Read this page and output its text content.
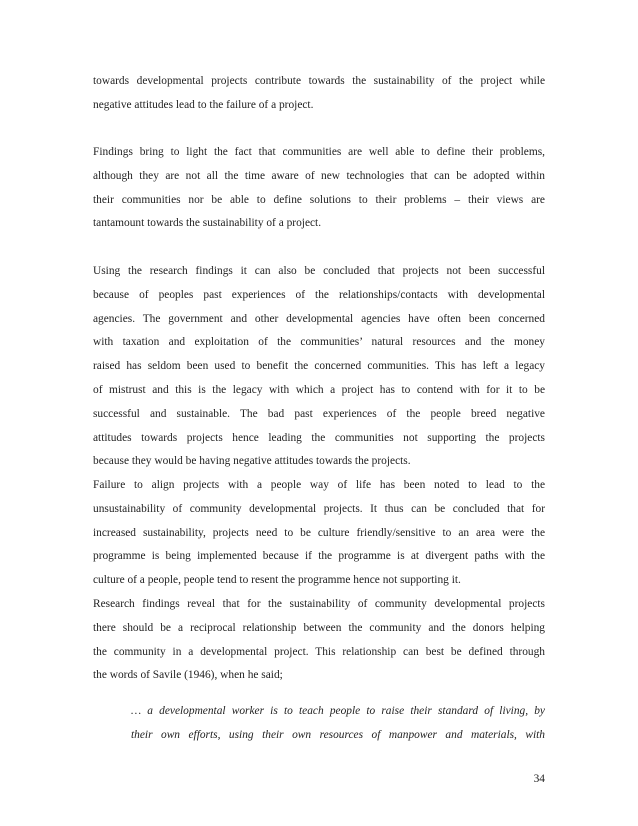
towards developmental projects contribute towards the sustainability of the project while
negative attitudes lead to the failure of a project.

Findings bring to light the fact that communities are well able to define their problems,
although they are not all the time aware of new technologies that can be adopted within
their communities nor be able to define solutions to their problems – their views are
tantamount towards the sustainability of a project.

Using the research findings it can also be concluded that projects not been successful
because of peoples past experiences of the relationships/contacts with developmental
agencies. The government and other developmental agencies have often been concerned
with taxation and exploitation of the communities’ natural resources and the money
raised has seldom been used to benefit the concerned communities. This has left a legacy
of mistrust and this is the legacy with which a project has to contend with for it to be
successful and sustainable. The bad past experiences of the people breed negative
attitudes towards projects hence leading the communities not supporting the projects
because they would be having negative attitudes towards the projects.

Failure to align projects with a people way of life has been noted to lead to the
unsustainability of community developmental projects. It thus can be concluded that for
increased sustainability, projects need to be culture friendly/sensitive to an area were the
programme is being implemented because if the programme is at divergent paths with the
culture of a people, people tend to resent the programme hence not supporting it.

Research findings reveal that for the sustainability of community developmental projects
there should be a reciprocal relationship between the community and the donors helping
the community in a developmental project. This relationship can best be defined through
the words of Savile (1946), when he said;

… a developmental worker is to teach people to raise their standard of living, by
their own efforts, using their own resources of manpower and materials, with
34
